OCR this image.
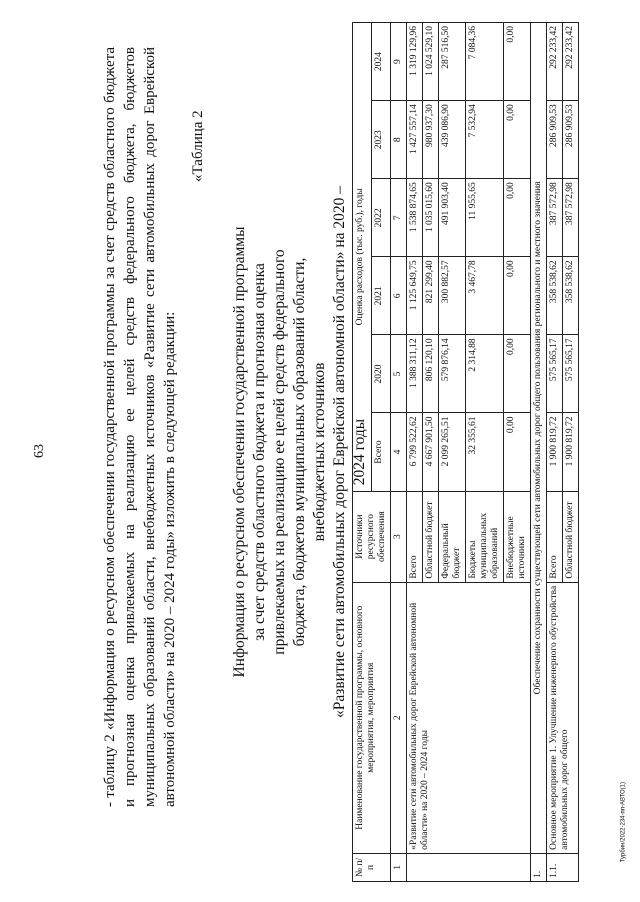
63	- таблицу 2 «Информация о ресурсном обеспечении государственной программы за счет средств областного бюджета и прогнозная оценка привлекаемых на реализацию ее целей средств федерального бюджета, бюджетов муниципальных образований области, внебюджетных источников «Развитие сети автомобильных дорог Еврейской автономной области» на 2020 – 2024 годы» изложить в следующей редакции:
«Таблица 2
Информация о ресурсном обеспечении государственной программы за счет средств областного бюджета и прогнозная оценка привлекаемых на реализацию ее целей средств федерального бюджета, бюджетов муниципальных образований области, внебюджетных источников «Развитие сети автомобильных дорог Еврейской автономной области» на 2020 – 2024 годы
№ п/п	Наименование государственной программы, основного мероприятия, мероприятия	Источники ресурсного обеспечения	Оценка расходов (тыс. руб.), годы					
			Всего	2020	2021	2022	2023	2024
1	2	3	4	5	6	7	8	9
	«Развитие сети автомобильных дорог Еврейской автономной области» на 2020 – 2024 годы	Всего	6 799 522,62	1 388 311,12	1 125 649,75	1 538 874,65	1 427 557,14	1 319 129,96
		Областной бюджет	4 667 901,50	806 120,10	821 299,40	1 035 015,60	980 937,30	1 024 529,10
		Федеральный бюджет	2 099 265,51	579 876,14	300 882,57	491 903,40	439 086,90	287 516,50
		Бюджеты муниципальных образований	32 355,61	2 314,88	3 467,78	11 955,65	7 532,94	7 084,36
		Внебюджетные источники	0,00	0,00	0,00	0,00	0,00	0,00
1.	Обеспечение сохранности существующей сети автомобильных дорог общего пользования регионального и местного значения							
1.1.	Основное мероприятие 1. Улучшение инженерного обустройства автомобильных дорог общего	Всего	1 900 819,72	575 565,17	358 538,62	387 572,98	286 909,53	292 233,42
		Областной бюджет	1 900 819,72	575 565,17	358 538,62	387 572,98	286 909,53	292 233,42
Typбин/2022-234-пп-АВТО(1)
